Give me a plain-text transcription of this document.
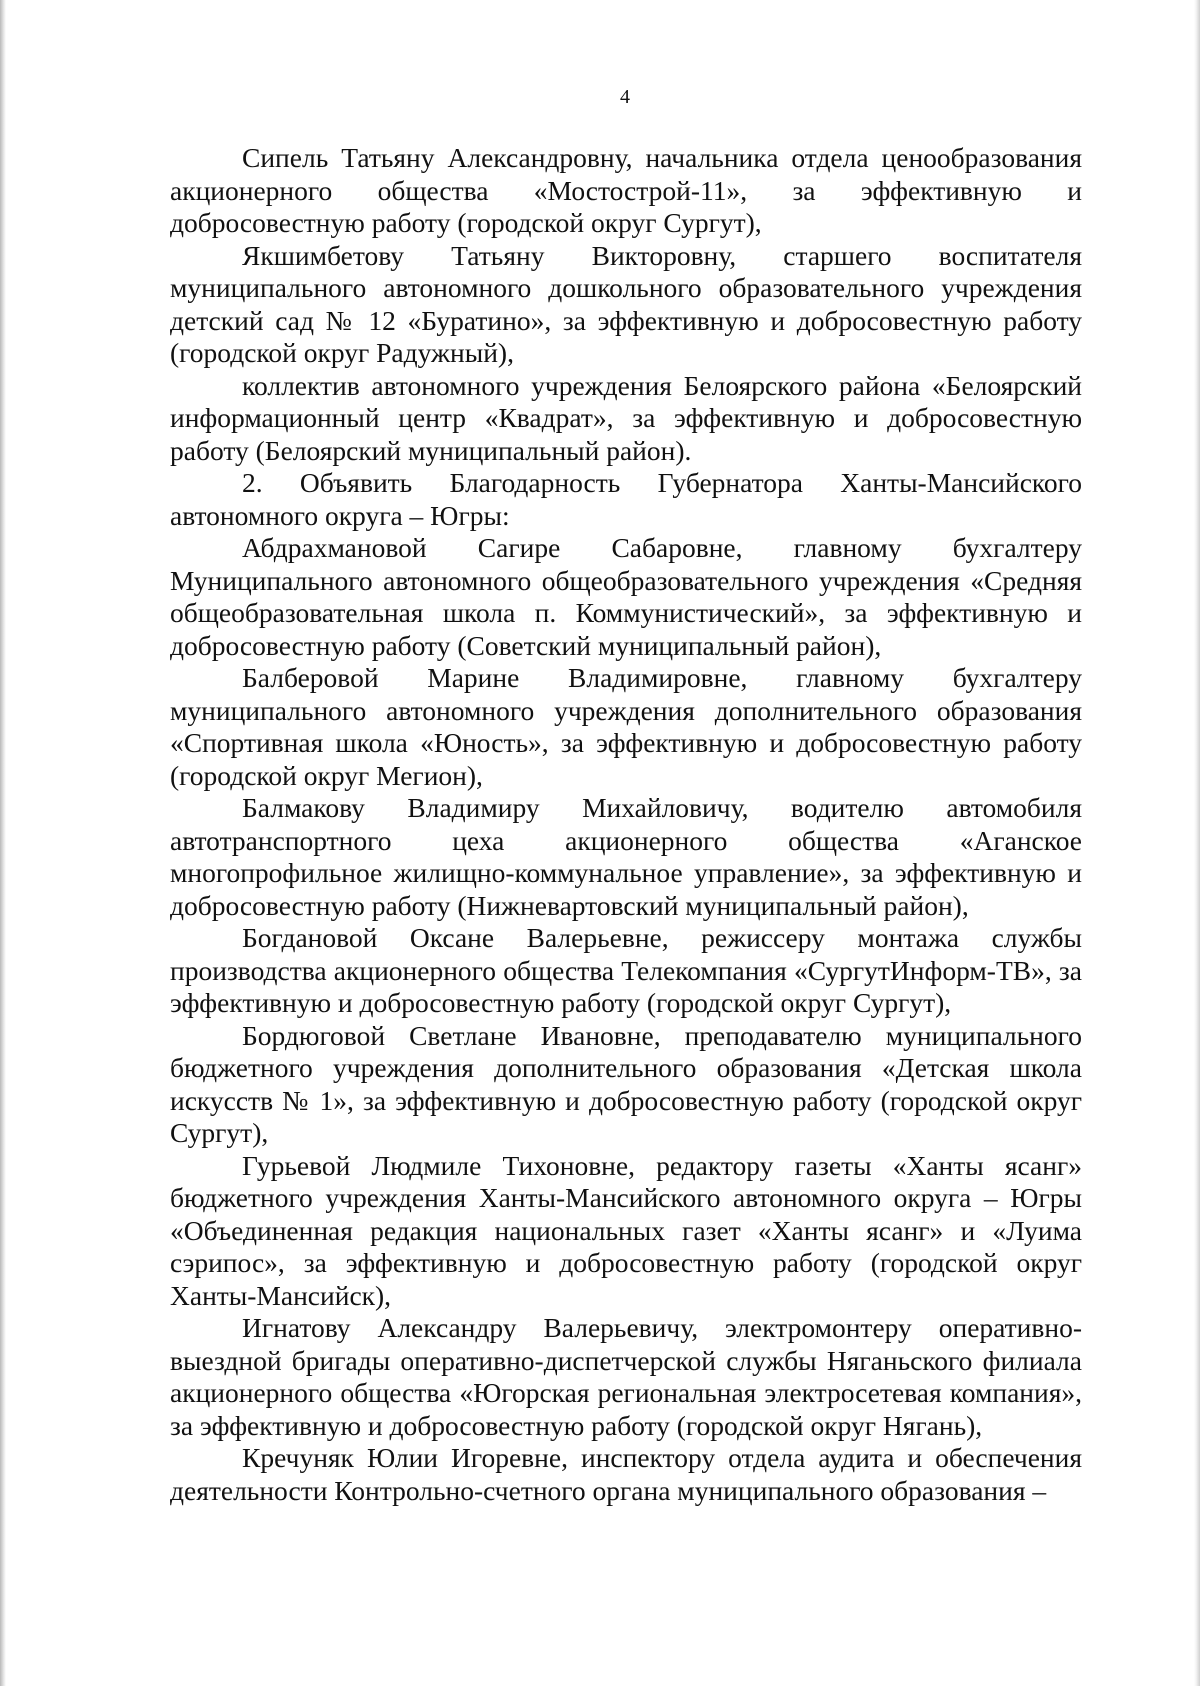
4

Сипель Татьяну Александровну, начальника отдела ценообразования акционерного общества «Мостострой-11», за эффективную и добросовестную работу (городской округ Сургут),

Якшимбетову Татьяну Викторовну, старшего воспитателя муниципального автономного дошкольного образовательного учреждения детский сад № 12 «Буратино», за эффективную и добросовестную работу (городской округ Радужный),

коллектив автономного учреждения Белоярского района «Белоярский информационный центр «Квадрат», за эффективную и добросовестную работу (Белоярский муниципальный район).

2. Объявить Благодарность Губернатора Ханты-Мансийского автономного округа – Югры:

Абдрахмановой Сагире Сабаровне, главному бухгалтеру Муниципального автономного общеобразовательного учреждения «Средняя общеобразовательная школа п. Коммунистический», за эффективную и добросовестную работу (Советский муниципальный район),

Балберовой Марине Владимировне, главному бухгалтеру муниципального автономного учреждения дополнительного образования «Спортивная школа «Юность», за эффективную и добросовестную работу (городской округ Мегион),

Балмакову Владимиру Михайловичу, водителю автомобиля автотранспортного цеха акционерного общества «Аганское многопрофильное жилищно-коммунальное управление», за эффективную и добросовестную работу (Нижневартовский муниципальный район),

Богдановой Оксане Валерьевне, режиссеру монтажа службы производства акционерного общества Телекомпания «СургутИнформ-ТВ», за эффективную и добросовестную работу (городской округ Сургут),

Бордюговой Светлане Ивановне, преподавателю муниципального бюджетного учреждения дополнительного образования «Детская школа искусств № 1», за эффективную и добросовестную работу (городской округ Сургут),

Гурьевой Людмиле Тихоновне, редактору газеты «Ханты ясанг» бюджетного учреждения Ханты-Мансийского автономного округа – Югры «Объединенная редакция национальных газет «Ханты ясанг» и «Луима сэрипос», за эффективную и добросовестную работу (городской округ Ханты-Мансийск),

Игнатову Александру Валерьевичу, электромонтеру оперативно-выездной бригады оперативно-диспетчерской службы Няганьского филиала акционерного общества «Югорская региональная электросетевая компания», за эффективную и добросовестную работу (городской округ Нягань),

Кречуняк Юлии Игоревне, инспектору отдела аудита и обеспечения деятельности Контрольно-счетного органа муниципального образования –
